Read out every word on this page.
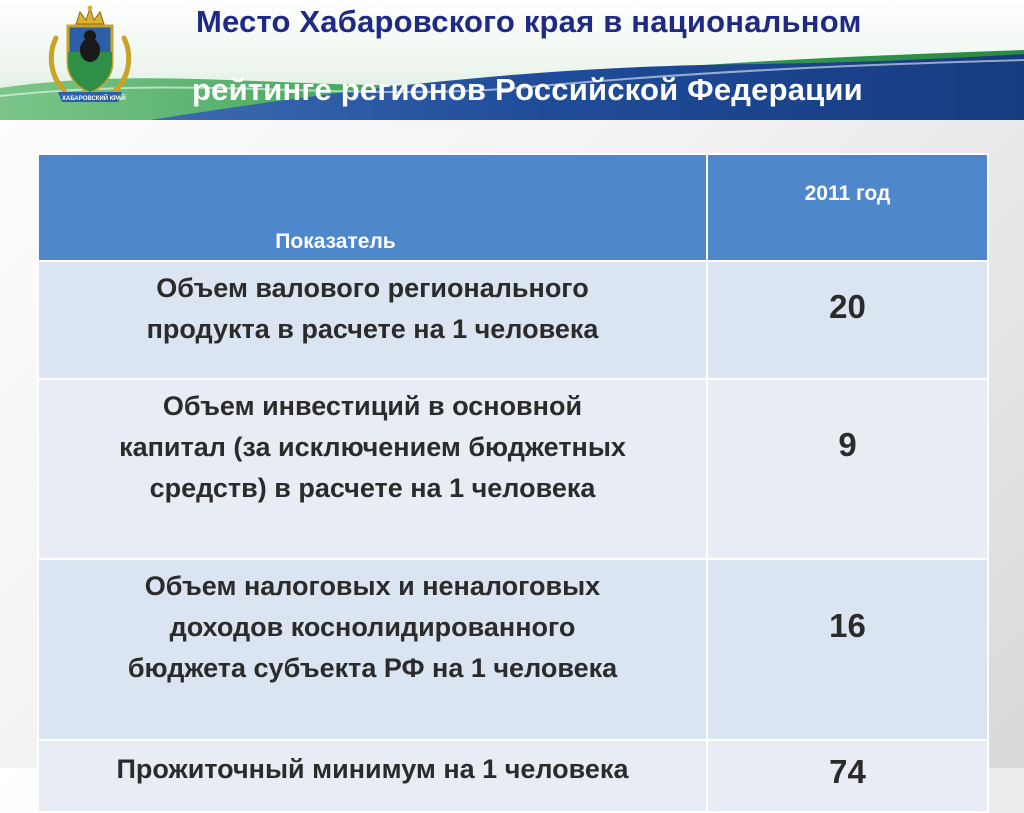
ХАБАРОВСКИЙ КРАЙ
Место Хабаровского края в национальном
рейтинге регионов Российской Федерации
Показатель	2011 год

Объем валового регионального
продукта в расчете на 1 человека	20

Объем инвестиций в основной
капитал (за исключением бюджетных
средств) в расчете на 1 человека	9

Объем налоговых и неналоговых
доходов коснолидированного
бюджета субъекта РФ на 1 человека	16

Прожиточный минимум на 1 человека	74
